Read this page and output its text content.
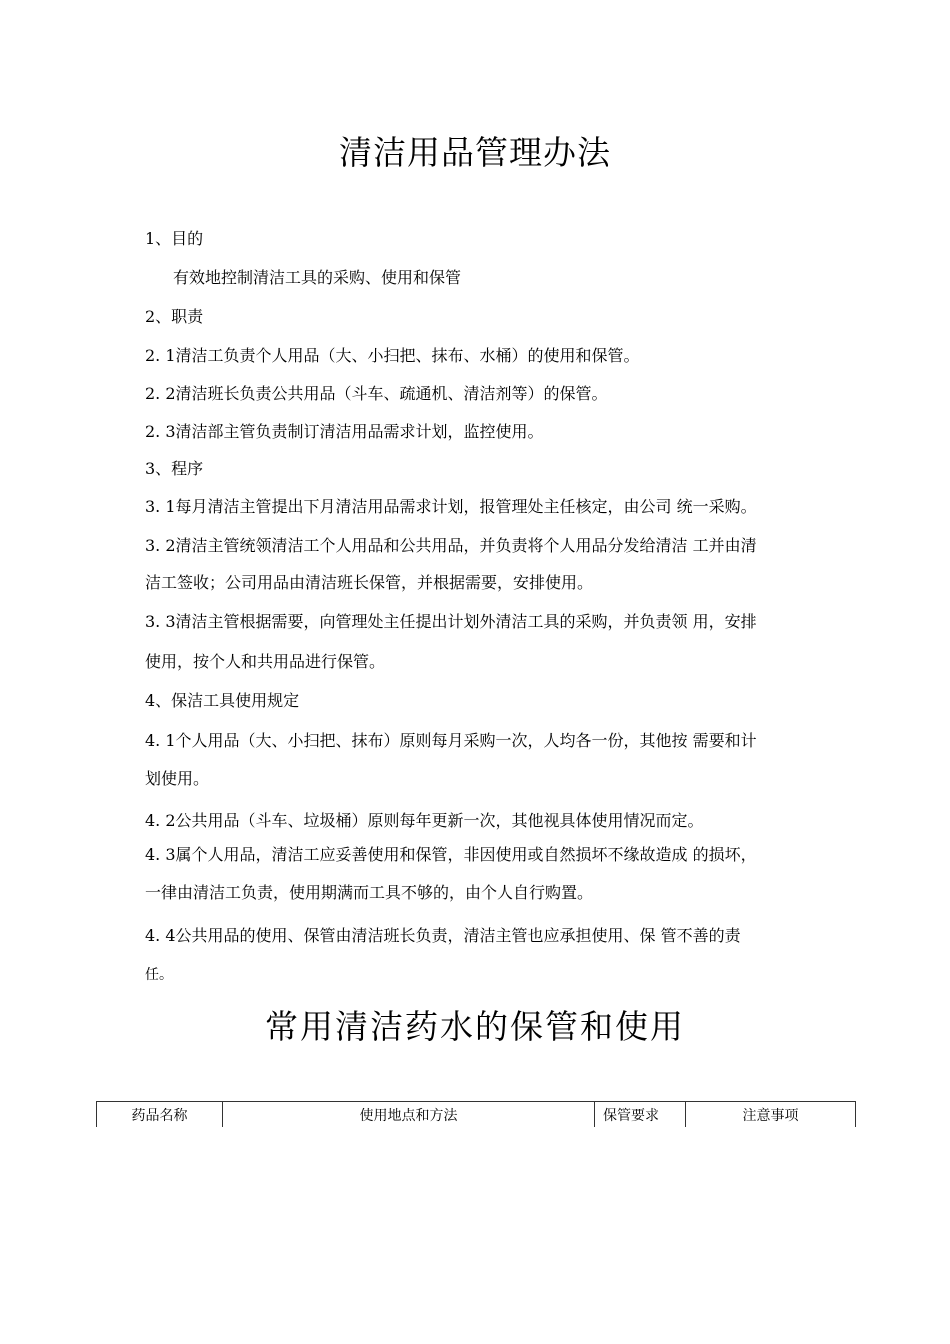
清洁用品管理办法
1、目的
有效地控制清洁工具的采购、使用和保管
2、职责
2. 1清洁工负责个人用品（大、小扫把、抹布、水桶）的使用和保管。
2. 2清洁班长负责公共用品（斗车、疏通机、清洁剂等）的保管。
2. 3清洁部主管负责制订清洁用品需求计划，监控使用。
3、程序
3. 1每月清洁主管提出下月清洁用品需求计划，报管理处主任核定，由公司 统一采购。
3. 2清洁主管统领清洁工个人用品和公共用品，并负责将个人用品分发给清洁 工并由清
洁工签收；公司用品由清洁班长保管，并根据需要，安排使用。
3. 3清洁主管根据需要，向管理处主任提出计划外清洁工具的采购，并负责领 用，安排
使用，按个人和共用品进行保管。
4、保洁工具使用规定
4. 1个人用品（大、小扫把、抹布）原则每月采购一次，人均各一份，其他按 需要和计
划使用。
4. 2公共用品（斗车、垃圾桶）原则每年更新一次，其他视具体使用情况而定。
4. 3属个人用品，清洁工应妥善使用和保管，非因使用或自然损坏不缘故造成 的损坏，
一律由清洁工负责，使用期满而工具不够的，由个人自行购置。
4. 4公共用品的使用、保管由清洁班长负责，清洁主管也应承担使用、保 管不善的责
任。
常用清洁药水的保管和使用
药品名称	使用地点和方法	保管要求	注意事项
